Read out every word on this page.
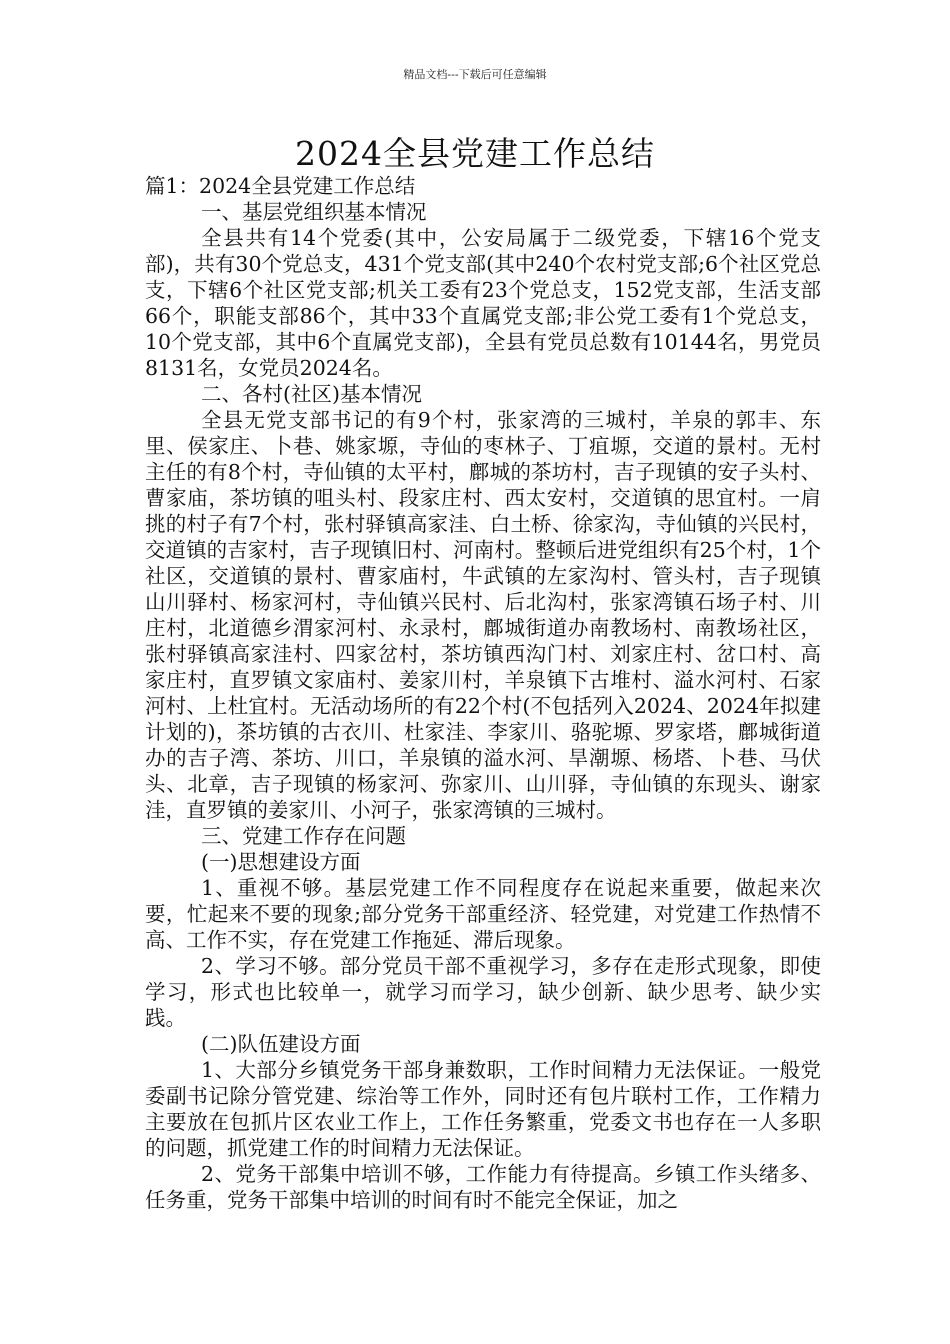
精品文档---下载后可任意编辑
2024全县党建工作总结

篇1：2024全县党建工作总结

一、基层党组织基本情况

全县共有14个党委(其中，公安局属于二级党委，下辖16个党支部)，共有30个党总支，431个党支部(其中240个农村党支部;6个社区党总支，下辖6个社区党支部;机关工委有23个党总支，152党支部，生活支部66个，职能支部86个，其中33个直属党支部;非公党工委有1个党总支，10个党支部，其中6个直属党支部)，全县有党员总数有10144名，男党员8131名，女党员2024名。

二、各村(社区)基本情况

全县无党支部书记的有9个村，张家湾的三城村，羊泉的郭丰、东里、侯家庄、卜巷、姚家塬，寺仙的枣林子、丁疽塬，交道的景村。无村主任的有8个村，寺仙镇的太平村，鄜城的茶坊村，吉子现镇的安子头村、曹家庙，茶坊镇的咀头村、段家庄村、西太安村，交道镇的思宜村。一肩挑的村子有7个村，张村驿镇高家洼、白土桥、徐家沟，寺仙镇的兴民村，交道镇的吉家村，吉子现镇旧村、河南村。整顿后进党组织有25个村，1个社区，交道镇的景村、曹家庙村，牛武镇的左家沟村、管头村，吉子现镇山川驿村、杨家河村，寺仙镇兴民村、后北沟村，张家湾镇石场子村、川庄村，北道德乡渭家河村、永录村，鄜城街道办南教场村、南教场社区，张村驿镇高家洼村、四家岔村，茶坊镇西沟门村、刘家庄村、岔口村、高家庄村，直罗镇文家庙村、姜家川村，羊泉镇下古堆村、溢水河村、石家河村、上杜宜村。无活动场所的有22个村(不包括列入2024、2024年拟建计划的)，茶坊镇的古衣川、杜家洼、李家川、骆驼塬、罗家塔，鄜城街道办的吉子湾、茶坊、川口，羊泉镇的溢水河、旱潮塬、杨塔、卜巷、马伏头、北章，吉子现镇的杨家河、弥家川、山川驿，寺仙镇的东现头、谢家洼，直罗镇的姜家川、小河子，张家湾镇的三城村。

三、党建工作存在问题

(一)思想建设方面

1、重视不够。基层党建工作不同程度存在说起来重要，做起来次要，忙起来不要的现象;部分党务干部重经济、轻党建，对党建工作热情不高、工作不实，存在党建工作拖延、滞后现象。

2、学习不够。部分党员干部不重视学习，多存在走形式现象，即使学习，形式也比较单一，就学习而学习，缺少创新、缺少思考、缺少实践。

(二)队伍建设方面

1、大部分乡镇党务干部身兼数职，工作时间精力无法保证。一般党委副书记除分管党建、综治等工作外，同时还有包片联村工作，工作精力主要放在包抓片区农业工作上，工作任务繁重，党委文书也存在一人多职的问题，抓党建工作的时间精力无法保证。

2、党务干部集中培训不够，工作能力有待提高。乡镇工作头绪多、任务重，党务干部集中培训的时间有时不能完全保证，加之
